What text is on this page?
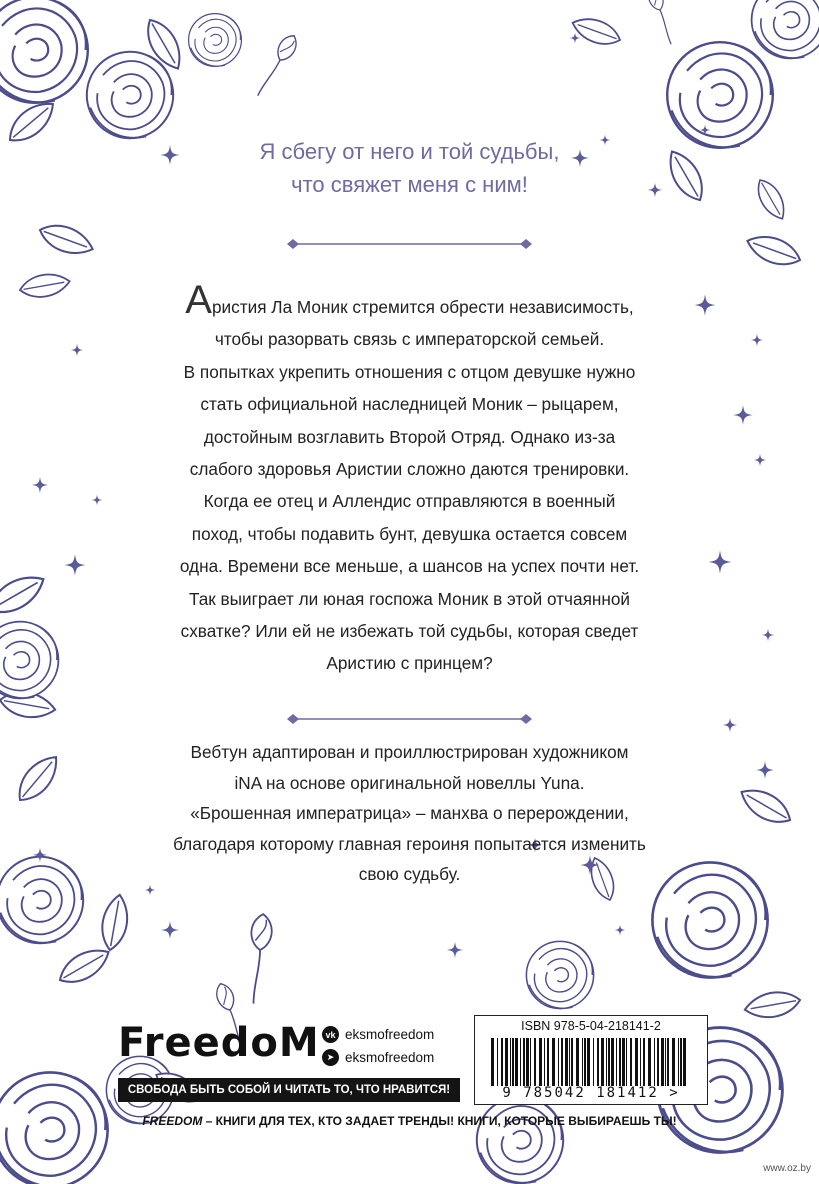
Я сбегу от него и той судьбы,
что свяжет меня с ним!
Аристия Ла Моник стремится обрести независимость,
чтобы разорвать связь с императорской семьей.
В попытках укрепить отношения с отцом девушке нужно
стать официальной наследницей Моник – рыцарем,
достойным возглавить Второй Отряд. Однако из-за
слабого здоровья Аристии сложно даются тренировки.
Когда ее отец и Аллендис отправляются в военный
поход, чтобы подавить бунт, девушка остается совсем
одна. Времени все меньше, а шансов на успех почти нет.
Так выиграет ли юная госпожа Моник в этой отчаянной
схватке? Или ей не избежать той судьбы, которая сведет
Аристию с принцем?
Вебтун адаптирован и проиллюстрирован художником
iNA на основе оригинальной новеллы Yuna.
«Брошенная императрица» – манхва о перерождении,
благодаря которому главная героиня попытается изменить
свою судьбу.
FreedoM vk eksmofreedom
➤ eksmofreedom
СВОБОДА БЫТЬ СОБОЙ И ЧИТАТЬ ТО, ЧТО НРАВИТСЯ!
ISBN 978-5-04-218141-2
9 785042 181412 >
FREEDOM – КНИГИ ДЛЯ ТЕХ, КТО ЗАДАЕТ ТРЕНДЫ! КНИГИ, КОТОРЫЕ ВЫБИРАЕШЬ ТЫ!
www.oz.by
